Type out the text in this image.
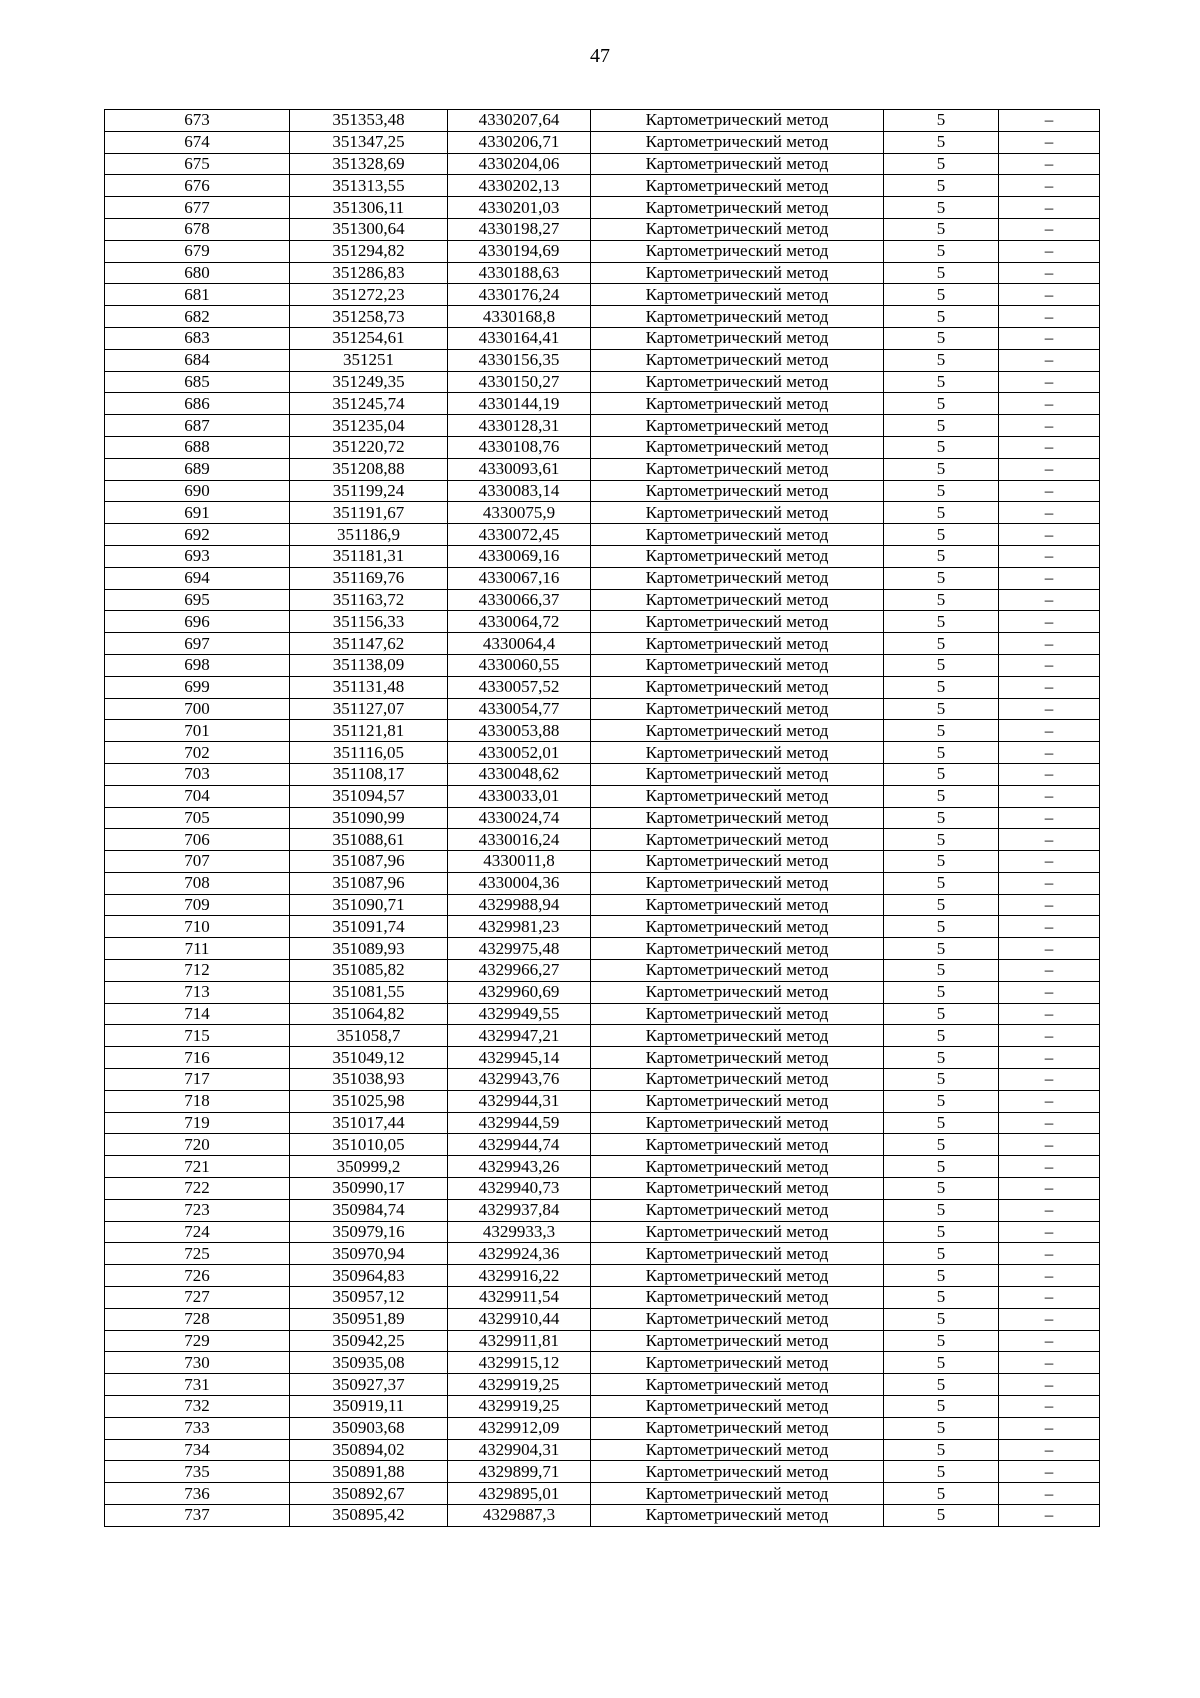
47
673	351353,48	4330207,64	Картометрический метод	5	–
674	351347,25	4330206,71	Картометрический метод	5	–
675	351328,69	4330204,06	Картометрический метод	5	–
676	351313,55	4330202,13	Картометрический метод	5	–
677	351306,11	4330201,03	Картометрический метод	5	–
678	351300,64	4330198,27	Картометрический метод	5	–
679	351294,82	4330194,69	Картометрический метод	5	–
680	351286,83	4330188,63	Картометрический метод	5	–
681	351272,23	4330176,24	Картометрический метод	5	–
682	351258,73	4330168,8	Картометрический метод	5	–
683	351254,61	4330164,41	Картометрический метод	5	–
684	351251	4330156,35	Картометрический метод	5	–
685	351249,35	4330150,27	Картометрический метод	5	–
686	351245,74	4330144,19	Картометрический метод	5	–
687	351235,04	4330128,31	Картометрический метод	5	–
688	351220,72	4330108,76	Картометрический метод	5	–
689	351208,88	4330093,61	Картометрический метод	5	–
690	351199,24	4330083,14	Картометрический метод	5	–
691	351191,67	4330075,9	Картометрический метод	5	–
692	351186,9	4330072,45	Картометрический метод	5	–
693	351181,31	4330069,16	Картометрический метод	5	–
694	351169,76	4330067,16	Картометрический метод	5	–
695	351163,72	4330066,37	Картометрический метод	5	–
696	351156,33	4330064,72	Картометрический метод	5	–
697	351147,62	4330064,4	Картометрический метод	5	–
698	351138,09	4330060,55	Картометрический метод	5	–
699	351131,48	4330057,52	Картометрический метод	5	–
700	351127,07	4330054,77	Картометрический метод	5	–
701	351121,81	4330053,88	Картометрический метод	5	–
702	351116,05	4330052,01	Картометрический метод	5	–
703	351108,17	4330048,62	Картометрический метод	5	–
704	351094,57	4330033,01	Картометрический метод	5	–
705	351090,99	4330024,74	Картометрический метод	5	–
706	351088,61	4330016,24	Картометрический метод	5	–
707	351087,96	4330011,8	Картометрический метод	5	–
708	351087,96	4330004,36	Картометрический метод	5	–
709	351090,71	4329988,94	Картометрический метод	5	–
710	351091,74	4329981,23	Картометрический метод	5	–
711	351089,93	4329975,48	Картометрический метод	5	–
712	351085,82	4329966,27	Картометрический метод	5	–
713	351081,55	4329960,69	Картометрический метод	5	–
714	351064,82	4329949,55	Картометрический метод	5	–
715	351058,7	4329947,21	Картометрический метод	5	–
716	351049,12	4329945,14	Картометрический метод	5	–
717	351038,93	4329943,76	Картометрический метод	5	–
718	351025,98	4329944,31	Картометрический метод	5	–
719	351017,44	4329944,59	Картометрический метод	5	–
720	351010,05	4329944,74	Картометрический метод	5	–
721	350999,2	4329943,26	Картометрический метод	5	–
722	350990,17	4329940,73	Картометрический метод	5	–
723	350984,74	4329937,84	Картометрический метод	5	–
724	350979,16	4329933,3	Картометрический метод	5	–
725	350970,94	4329924,36	Картометрический метод	5	–
726	350964,83	4329916,22	Картометрический метод	5	–
727	350957,12	4329911,54	Картометрический метод	5	–
728	350951,89	4329910,44	Картометрический метод	5	–
729	350942,25	4329911,81	Картометрический метод	5	–
730	350935,08	4329915,12	Картометрический метод	5	–
731	350927,37	4329919,25	Картометрический метод	5	–
732	350919,11	4329919,25	Картометрический метод	5	–
733	350903,68	4329912,09	Картометрический метод	5	–
734	350894,02	4329904,31	Картометрический метод	5	–
735	350891,88	4329899,71	Картометрический метод	5	–
736	350892,67	4329895,01	Картометрический метод	5	–
737	350895,42	4329887,3	Картометрический метод	5	–
